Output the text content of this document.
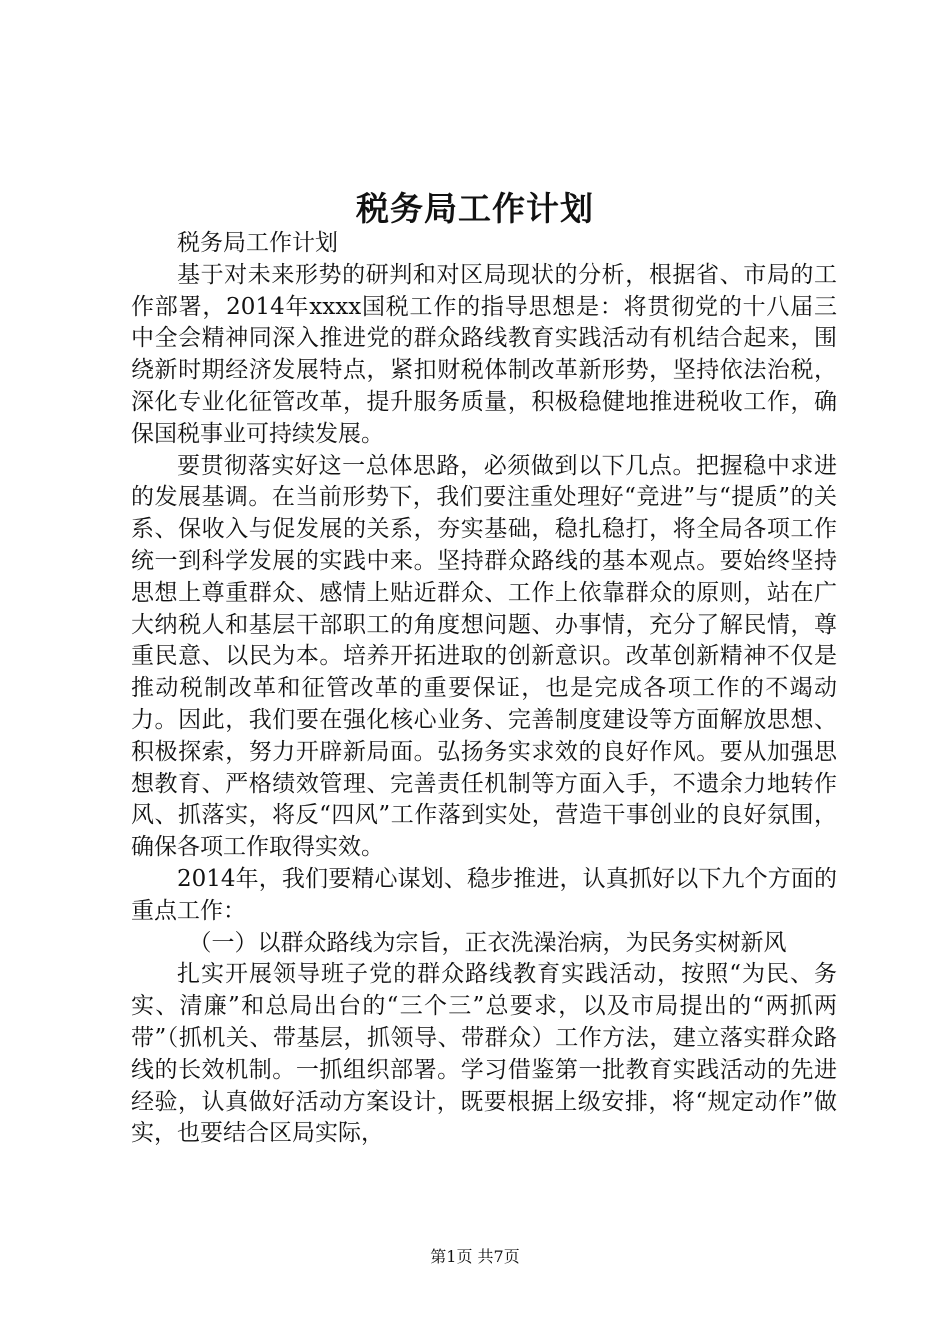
税务局工作计划

税务局工作计划

基于对未来形势的研判和对区局现状的分析，根据省、市局的工作部署，2014年xxxx国税工作的指导思想是：将贯彻党的十八届三中全会精神同深入推进党的群众路线教育实践活动有机结合起来，围绕新时期经济发展特点，紧扣财税体制改革新形势，坚持依法治税，深化专业化征管改革，提升服务质量，积极稳健地推进税收工作，确保国税事业可持续发展。

要贯彻落实好这一总体思路，必须做到以下几点。把握稳中求进的发展基调。在当前形势下，我们要注重处理好“竞进”与“提质”的关系、保收入与促发展的关系，夯实基础，稳扎稳打，将全局各项工作统一到科学发展的实践中来。坚持群众路线的基本观点。要始终坚持思想上尊重群众、感情上贴近群众、工作上依靠群众的原则，站在广大纳税人和基层干部职工的角度想问题、办事情，充分了解民情，尊重民意、以民为本。培养开拓进取的创新意识。改革创新精神不仅是推动税制改革和征管改革的重要保证，也是完成各项工作的不竭动力。因此，我们要在强化核心业务、完善制度建设等方面解放思想、积极探索，努力开辟新局面。弘扬务实求效的良好作风。要从加强思想教育、严格绩效管理、完善责任机制等方面入手，不遗余力地转作风、抓落实，将反“四风”工作落到实处，营造干事创业的良好氛围，确保各项工作取得实效。

2014年，我们要精心谋划、稳步推进，认真抓好以下九个方面的重点工作：

（一）以群众路线为宗旨，正衣洗澡治病，为民务实树新风

扎实开展领导班子党的群众路线教育实践活动，按照“为民、务实、清廉”和总局出台的“三个三”总要求，以及市局提出的“两抓两带”（抓机关、带基层，抓领导、带群众）工作方法，建立落实群众路线的长效机制。一抓组织部署。学习借鉴第一批教育实践活动的先进经验，认真做好活动方案设计，既要根据上级安排，将“规定动作”做实，也要结合区局实际，

第1页 共7页
